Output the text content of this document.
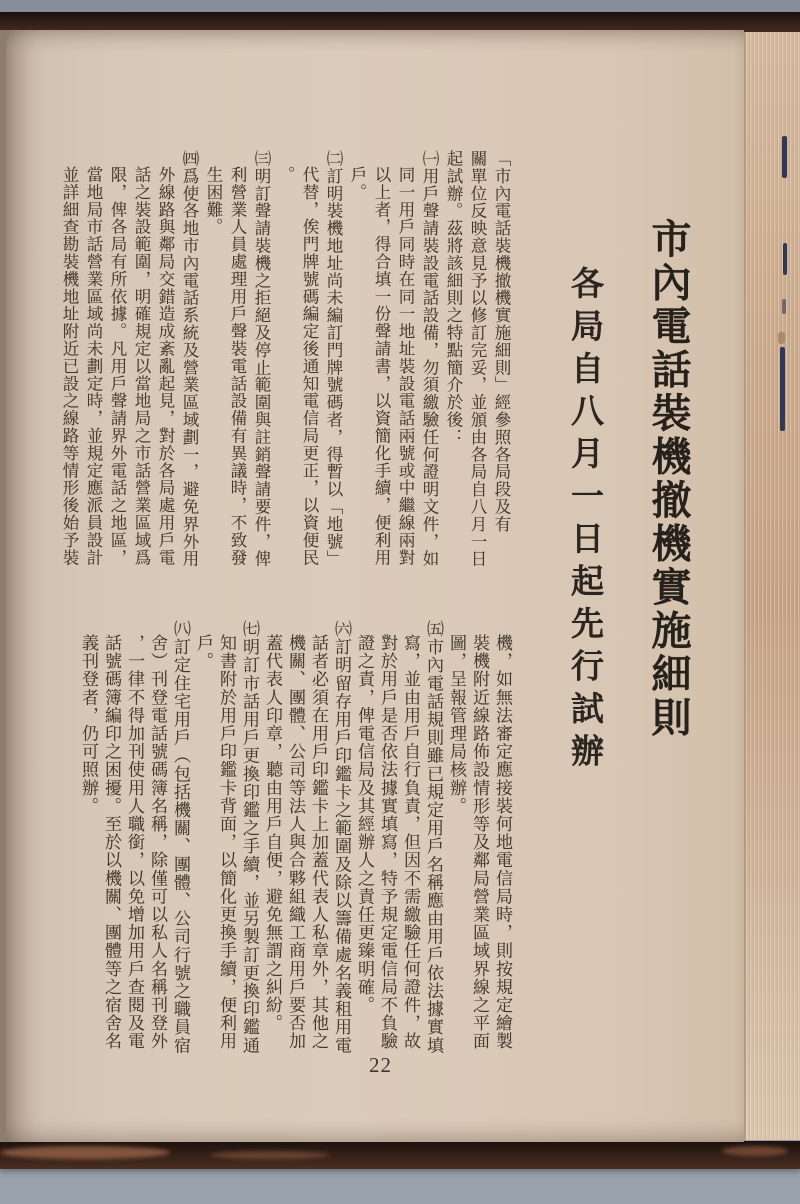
市內電話裝機撤機實施細則
各局自八月一日起先行試辦
「市內電話裝機撤機實施細則」經參照各局段及有
關單位反映意見予以修訂完妥，並頒由各局自八月一日
起試辦。茲將該細則之特點簡介於後：
㈠用戶聲請裝設電話設備，勿須繳驗任何證明文件，如
同一用戶同時在同一地址裝設電話兩號或中繼線兩對
以上者，得合填一份聲請書，以資簡化手續，便利用
戶。
㈡訂明裝機地址尚未編訂門牌號碼者，得暫以「地號」
代替，俟門牌號碼編定後通知電信局更正，以資便民
。
㈢明訂聲請裝機之拒絕及停止範圍與註銷聲請要件，俾
利營業人員處理用戶聲裝電話設備有異議時，不致發
生困難。
㈣爲使各地市內電話系統及營業區域劃一，避免界外用
外線路與鄰局交錯造成紊亂起見，對於各局處用戶電
話之裝設範圍，明確規定以當地局之市話營業區域爲
限，俾各局有所依據。凡用戶聲請界外電話之地區，
當地局市話營業區域尚未劃定時，並規定應派員設計
並詳細查勘裝機地址附近已設之線路等情形後始予裝
機，如無法審定應接裝何地電信局時，則按規定繪製
裝機附近線路佈設情形等及鄰局營業區域界線之平面
圖，呈報管理局核辦。
㈤市內電話規則雖已規定用戶名稱應由用戶依法據實填
寫，並由用戶自行負責，但因不需繳驗任何證件，故
對於用戶是否依法據實填寫，特予規定電信局不負驗
證之責，俾電信局及其經辦人之責任更臻明確。
㈥訂明留存用戶印鑑卡之範圍及除以籌備處名義租用電
話者必須在用戶印鑑卡上加蓋代表人私章外，其他之
機關、團體、公司等法人與合夥組織工商用戶要否加
蓋代表人印章，聽由用戶自便，避免無謂之糾紛。
㈦明訂市話用戶更換印鑑之手續，並另製訂更換印鑑通
知書附於用戶印鑑卡背面，以簡化更換手續，便利用
戶。
㈧訂定住宅用戶（包括機關、團體、公司行號之職員宿
舍）刊登電話號碼簿名稱，除僅可以私人名稱刊登外
，一律不得加刊使用人職銜，以免增加用戶查閱及電
話號碼簿編印之困擾。至於以機關、團體等之宿舍名
義刊登者，仍可照辦。
22
